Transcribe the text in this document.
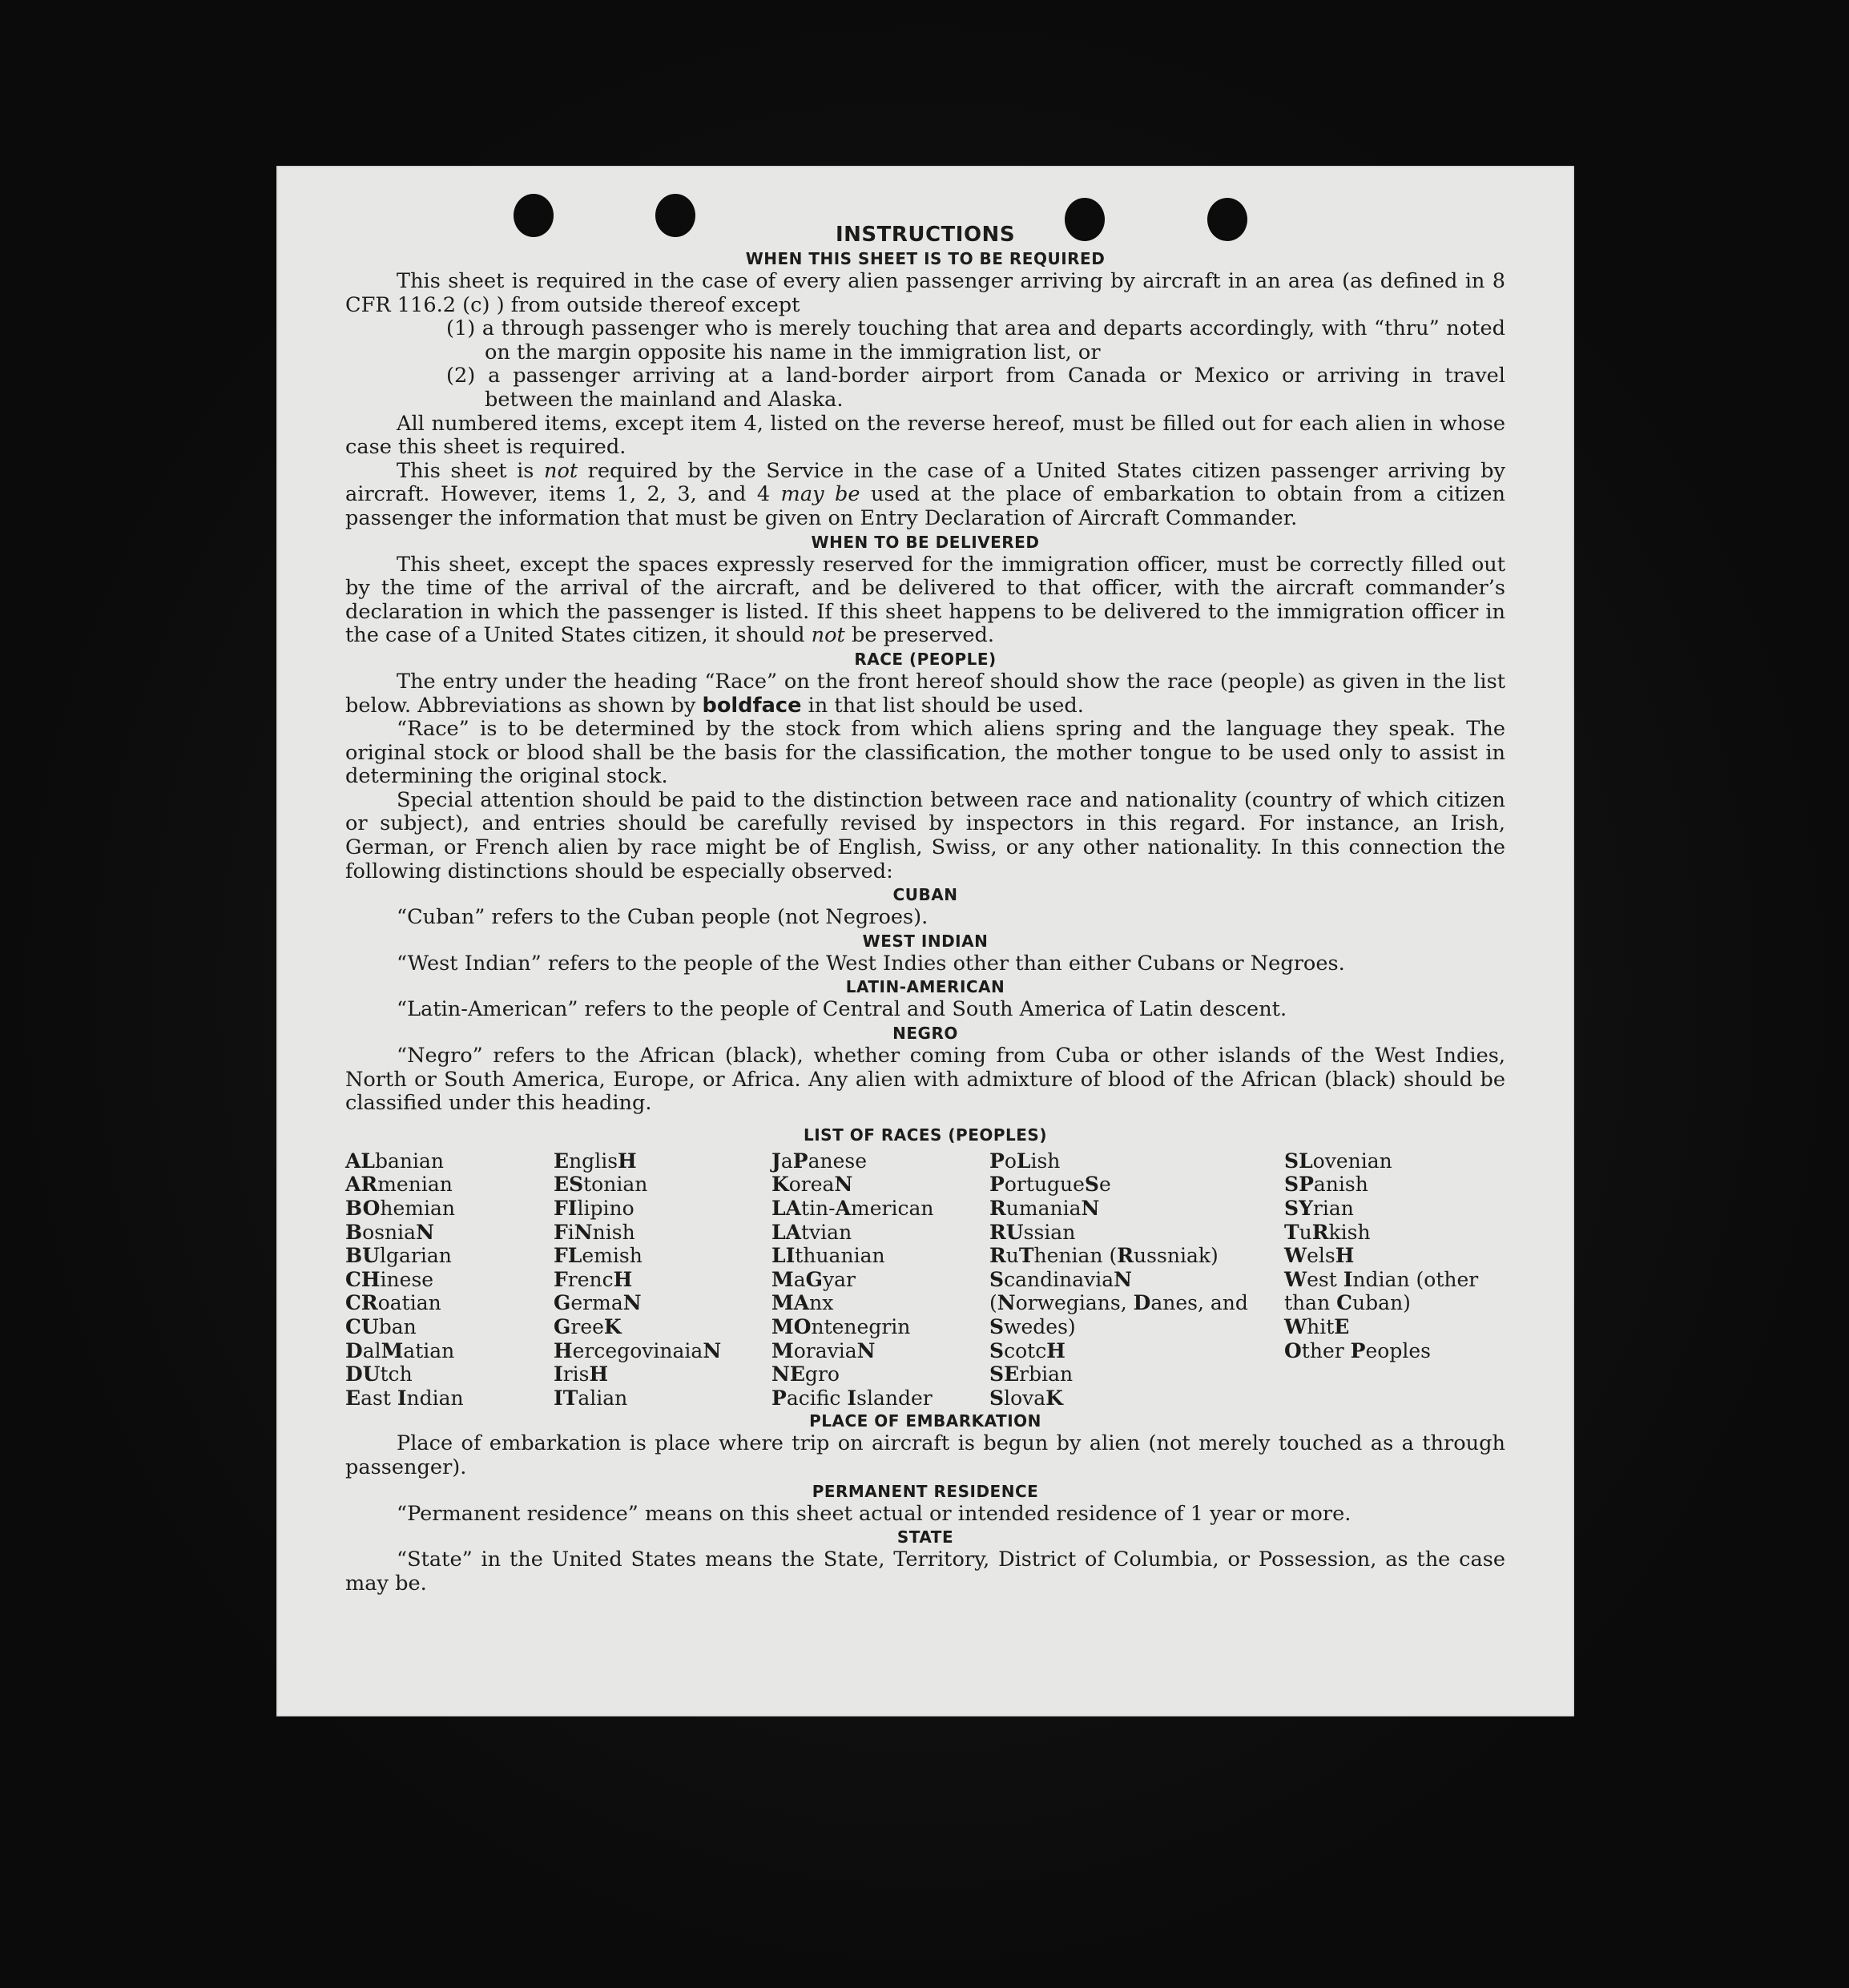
INSTRUCTIONS
WHEN THIS SHEET IS TO BE REQUIRED

This sheet is required in the case of every alien passenger arriving by aircraft in an area (as defined in 8 CFR 116.2 (c) ) from outside thereof except

(1) a through passenger who is merely touching that area and departs accordingly, with “thru” noted on the margin opposite his name in the immigration list, or

(2) a passenger arriving at a land-border airport from Canada or Mexico or arriving in travel between the mainland and Alaska.

All numbered items, except item 4, listed on the reverse hereof, must be filled out for each alien in whose case this sheet is required.

This sheet is not required by the Service in the case of a United States citizen passenger arriving by aircraft. However, items 1, 2, 3, and 4 may be used at the place of embarkation to obtain from a citizen passenger the information that must be given on Entry Declaration of Aircraft Commander.

WHEN TO BE DELIVERED

This sheet, except the spaces expressly reserved for the immigration officer, must be correctly filled out by the time of the arrival of the aircraft, and be delivered to that officer, with the aircraft commander’s declaration in which the passenger is listed. If this sheet happens to be delivered to the immigration officer in the case of a United States citizen, it should not be preserved.

RACE (PEOPLE)

The entry under the heading “Race” on the front hereof should show the race (people) as given in the list below. Abbreviations as shown by boldface in that list should be used.

“Race” is to be determined by the stock from which aliens spring and the language they speak. The original stock or blood shall be the basis for the classification, the mother tongue to be used only to assist in determining the original stock.

Special attention should be paid to the distinction between race and nationality (country of which citizen or subject), and entries should be carefully revised by inspectors in this regard. For instance, an Irish, German, or French alien by race might be of English, Swiss, or any other nationality. In this connection the following distinctions should be especially observed:

CUBAN

“Cuban” refers to the Cuban people (not Negroes).

WEST INDIAN

“West Indian” refers to the people of the West Indies other than either Cubans or Negroes.

LATIN-AMERICAN

“Latin-American” refers to the people of Central and South America of Latin descent.

NEGRO

“Negro” refers to the African (black), whether coming from Cuba or other islands of the West Indies, North or South America, Europe, or Africa. Any alien with admixture of blood of the African (black) should be classified under this heading.

LIST OF RACES (PEOPLES)
ALbanian
ARmenian
BOhemian
BosniaN
BUlgarian
CHinese
CRoatian
CUban
DalMatian
DUtch
East Indian
EnglisH
EStonian
FIlipino
FiNnish
FLemish
FrencH
GermaN
GreeK
HercegovinaiaN
IrisH
ITalian
JaPanese
KoreaN
LAtin-American
LAtvian
LIthuanian
MaGyar
MAnx
MOntenegrin
MoraviaN
NEgro
Pacifc Islander
PoLish
PortugueSe
RumaniaN
RUssian
RuThenian (Russniak)
ScandinaviaN (Norwegians, Danes, and Swedes)
ScotcH
SErbian
SlovaK
SLovenian
SPanish
SYrian
TuRkish
WelsH
West Indian (other than Cuban)
WhitE
Other Peoples
PLACE OF EMBARKATION

Place of embarkation is place where trip on aircraft is begun by alien (not merely touched as a through passenger).

PERMANENT RESIDENCE

“Permanent residence” means on this sheet actual or intended residence of 1 year or more.

STATE

“State” in the United States means the State, Territory, District of Columbia, or Possession, as the case may be.
